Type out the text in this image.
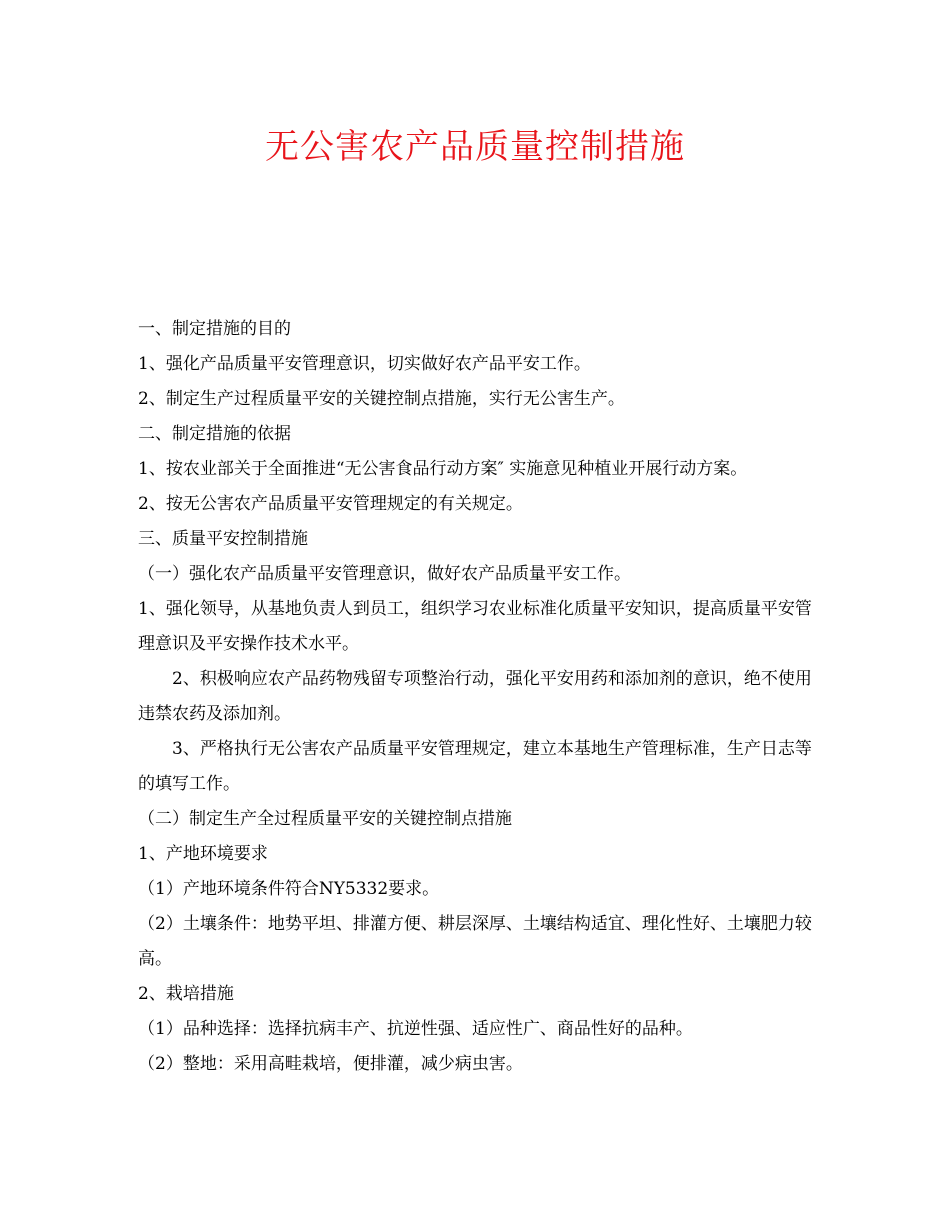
无公害农产品质量控制措施

一、制定措施的目的

1、强化产品质量平安管理意识，切实做好农产品平安工作。

2、制定生产过程质量平安的关键控制点措施，实行无公害生产。

二、制定措施的依据

1、按农业部关于全面推进“无公害食品行动方案″ 实施意见种植业开展行动方案。

2、按无公害农产品质量平安管理规定的有关规定。

三、质量平安控制措施

（一）强化农产品质量平安管理意识，做好农产品质量平安工作。

1、强化领导，从基地负责人到员工，组织学习农业标准化质量平安知识，提高质量平安管理意识及平安操作技术水平。

2、积极响应农产品药物残留专项整治行动，强化平安用药和添加剂的意识，绝不使用违禁农药及添加剂。

3、严格执行无公害农产品质量平安管理规定，建立本基地生产管理标准，生产日志等的填写工作。

（二）制定生产全过程质量平安的关键控制点措施

1、产地环境要求

（1）产地环境条件符合NY5332要求。

（2）土壤条件：地势平坦、排灌方便、耕层深厚、土壤结构适宜、理化性好、土壤肥力较高。

2、栽培措施

（1）品种选择：选择抗病丰产、抗逆性强、适应性广、商品性好的品种。

（2）整地：采用高畦栽培，便排灌，减少病虫害。
